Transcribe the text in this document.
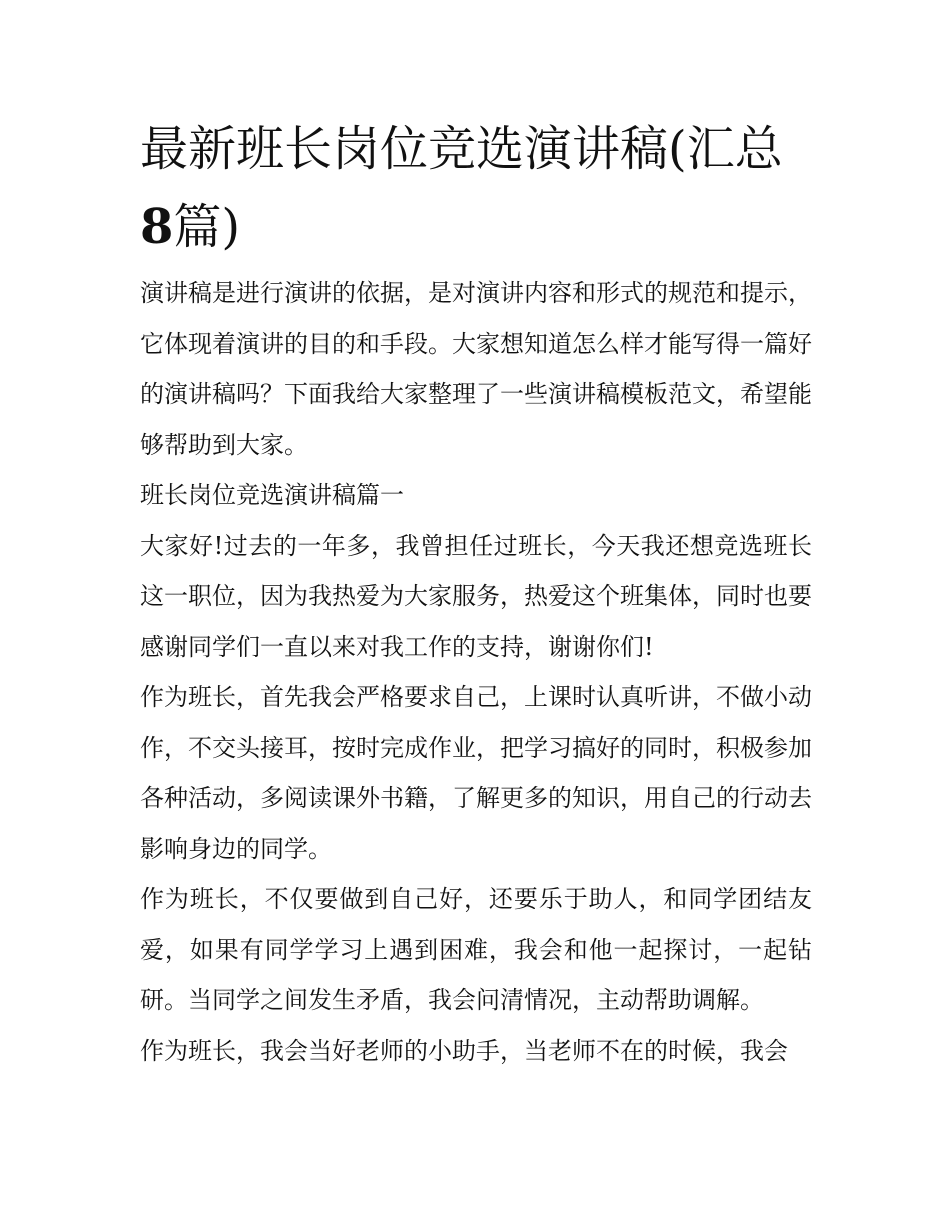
最新班长岗位竞选演讲稿(汇总8篇)

演讲稿是进行演讲的依据，是对演讲内容和形式的规范和提示，它体现着演讲的目的和手段。大家想知道怎么样才能写得一篇好的演讲稿吗？下面我给大家整理了一些演讲稿模板范文，希望能够帮助到大家。

班长岗位竞选演讲稿篇一

大家好!过去的一年多，我曾担任过班长，今天我还想竞选班长这一职位，因为我热爱为大家服务，热爱这个班集体，同时也要感谢同学们一直以来对我工作的支持，谢谢你们!

作为班长，首先我会严格要求自己，上课时认真听讲，不做小动作，不交头接耳，按时完成作业，把学习搞好的同时，积极参加各种活动，多阅读课外书籍，了解更多的知识，用自己的行动去影响身边的同学。

作为班长，不仅要做到自己好，还要乐于助人，和同学团结友爱，如果有同学学习上遇到困难，我会和他一起探讨，一起钻研。当同学之间发生矛盾，我会问清情况，主动帮助调解。

作为班长，我会当好老师的小助手，当老师不在的时候，我会
